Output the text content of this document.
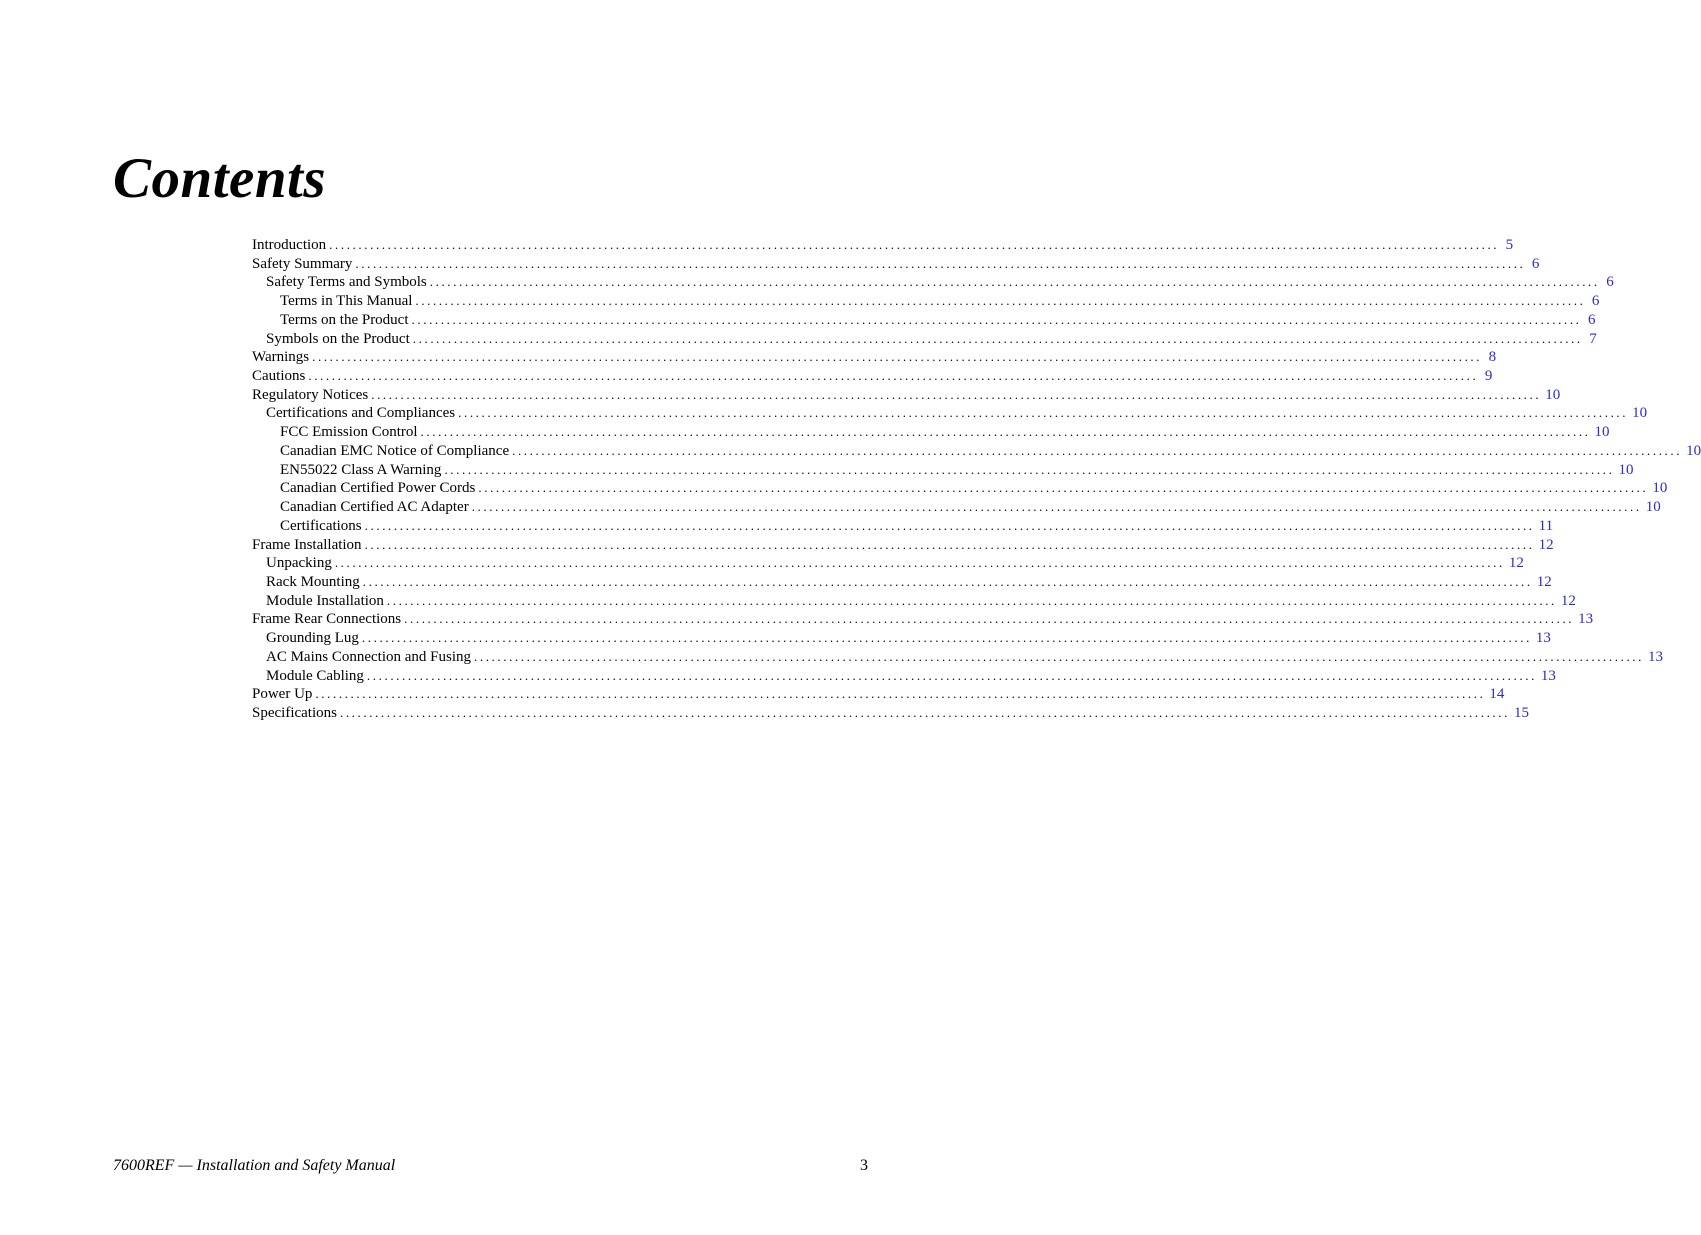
Contents
Introduction ........................................................................................................................................................................................................ 5
Safety Summary ........................................................................................................................................................................................................ 6
Safety Terms and Symbols ........................................................................................................................................................................................................ 6
Terms in This Manual ........................................................................................................................................................................................................ 6
Terms on the Product ........................................................................................................................................................................................................ 6
Symbols on the Product ........................................................................................................................................................................................................ 7
Warnings ........................................................................................................................................................................................................ 8
Cautions ........................................................................................................................................................................................................ 9
Regulatory Notices ........................................................................................................................................................................................................ 10
Certifications and Compliances ........................................................................................................................................................................................................ 10
FCC Emission Control ........................................................................................................................................................................................................ 10
Canadian EMC Notice of Compliance ........................................................................................................................................................................................................ 10
EN55022 Class A Warning ........................................................................................................................................................................................................ 10
Canadian Certified Power Cords ........................................................................................................................................................................................................ 10
Canadian Certified AC Adapter ........................................................................................................................................................................................................ 10
Certifications ........................................................................................................................................................................................................ 11
Frame Installation ........................................................................................................................................................................................................ 12
Unpacking ........................................................................................................................................................................................................ 12
Rack Mounting ........................................................................................................................................................................................................ 12
Module Installation ........................................................................................................................................................................................................ 12
Frame Rear Connections ........................................................................................................................................................................................................ 13
Grounding Lug ........................................................................................................................................................................................................ 13
AC Mains Connection and Fusing ........................................................................................................................................................................................................ 13
Module Cabling ........................................................................................................................................................................................................ 13
Power Up ........................................................................................................................................................................................................ 14
Specifications ........................................................................................................................................................................................................ 15
7600REF — Installation and Safety Manual	3
